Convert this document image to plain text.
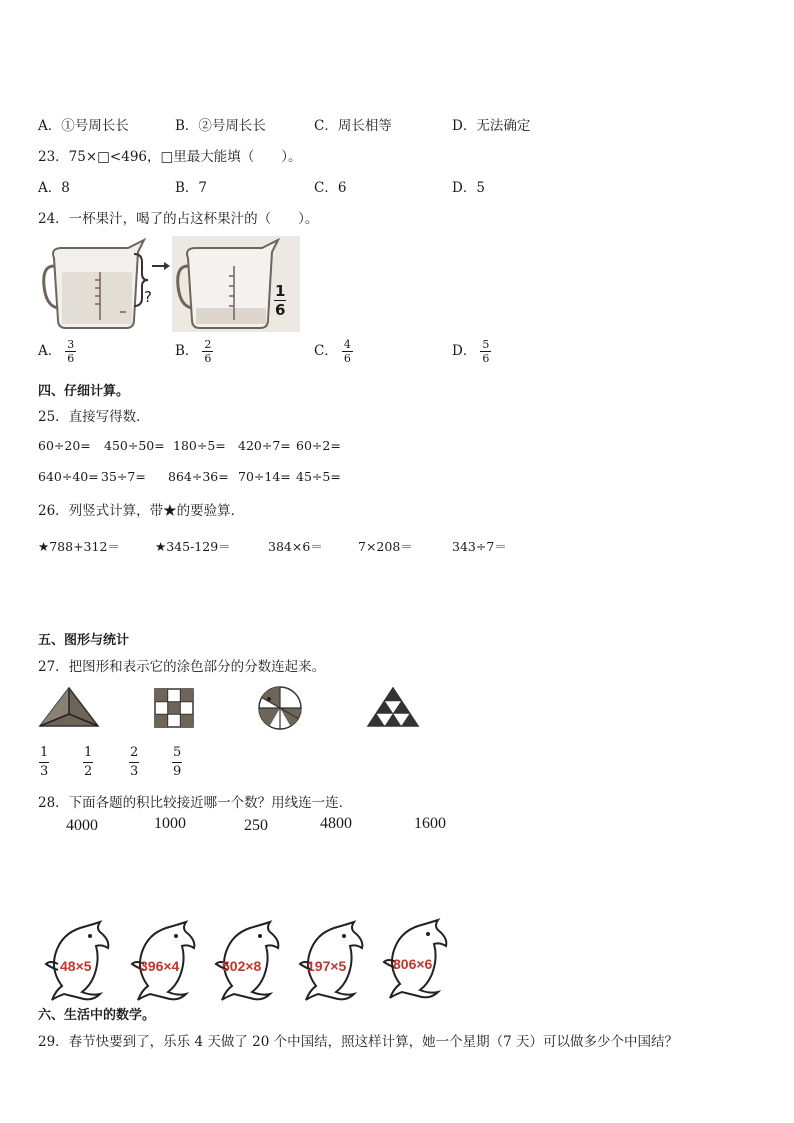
A．①号周长长	B．②号周长长	C．周长相等	D．无法确定
23．75×□<496，□里最大能填（　　）。
A．8	B．7	C．6	D．5
24．一杯果汁，喝了的占这杯果汁的（　　）。
?	$\frac{1}{6}$
A． $\frac{3}{6}$	B． $\frac{2}{6}$	C． $\frac{4}{6}$	D． $\frac{5}{6}$
四、仔细计算。
25．直接写得数．
60÷20= 450÷50= 180÷5= 420÷7= 60÷2=
640÷40= 35÷7= 864÷36= 70÷14= 45÷5=
26．列竖式计算，带★的要验算．
★788+312＝	★345-129＝	384×6＝	7×208＝	343÷7＝
五、图形与统计
27．把图形和表示它的涂色部分的分数连起来。
$\frac{1}{3}$	$\frac{1}{2}$	$\frac{2}{3}$	$\frac{5}{9}$
28．下面各题的积比较接近哪一个数？用线连一连．
4000	1000	250	4800	1600
48×5	396×4	502×8	197×5	806×6
六、生活中的数学。
29．春节快要到了，乐乐 4 天做了 20 个中国结，照这样计算，她一个星期（7 天）可以做多少个中国结？
